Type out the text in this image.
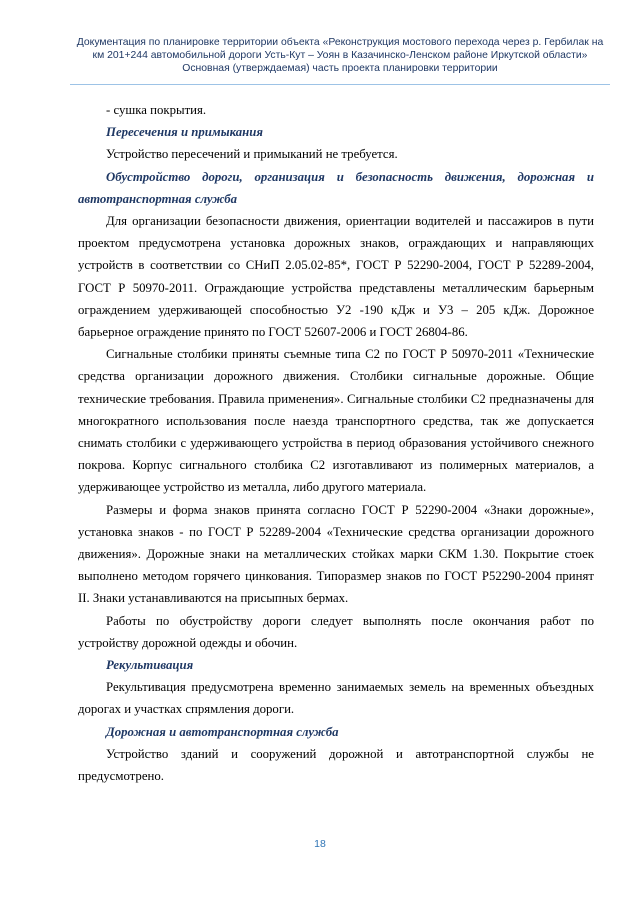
Документация по планировке территории объекта «Реконструкция мостового перехода через р. Гербилак на км 201+244 автомобильной дороги Усть-Кут – Уоян в Казачинско-Ленском районе Иркутской области»
Основная (утверждаемая) часть проекта планировки территории

- сушка покрытия.

Пересечения и примыкания

Устройство пересечений и примыканий не требуется.

Обустройство дороги, организация и безопасность движения, дорожная и автотранспортная служба

Для организации безопасности движения, ориентации водителей и пассажиров в пути проектом предусмотрена установка дорожных знаков, ограждающих и направляющих устройств в соответствии со СНиП 2.05.02-85*, ГОСТ Р 52290-2004, ГОСТ Р 52289-2004, ГОСТ Р 50970-2011. Ограждающие устройства представлены металлическим барьерным ограждением удерживающей способностью У2 -190 кДж и У3 – 205 кДж. Дорожное барьерное ограждение принято по ГОСТ 52607-2006 и ГОСТ 26804-86.

Сигнальные столбики приняты съемные типа С2 по ГОСТ Р 50970-2011 «Технические средства организации дорожного движения. Столбики сигнальные дорожные. Общие технические требования. Правила применения». Сигнальные столбики С2 предназначены для многократного использования после наезда транспортного средства, так же допускается снимать столбики с удерживающего устройства в период образования устойчивого снежного покрова. Корпус сигнального столбика С2 изготавливают из полимерных материалов, а удерживающее устройство из металла, либо другого материала.

Размеры и форма знаков принята согласно ГОСТ Р 52290-2004 «Знаки дорожные», установка знаков - по ГОСТ Р 52289-2004 «Технические средства организации дорожного движения». Дорожные знаки на металлических стойках марки СКМ 1.30. Покрытие стоек выполнено методом горячего цинкования. Типоразмер знаков по ГОСТ Р52290-2004 принят II. Знаки устанавливаются на присыпных бермах.

Работы по обустройству дороги следует выполнять после окончания работ по устройству дорожной одежды и обочин.

Рекультивация

Рекультивация предусмотрена временно занимаемых земель на временных объездных дорогах и участках спрямления дороги.

Дорожная и автотранспортная служба

Устройство зданий и сооружений дорожной и автотранспортной службы не предусмотрено.

18
